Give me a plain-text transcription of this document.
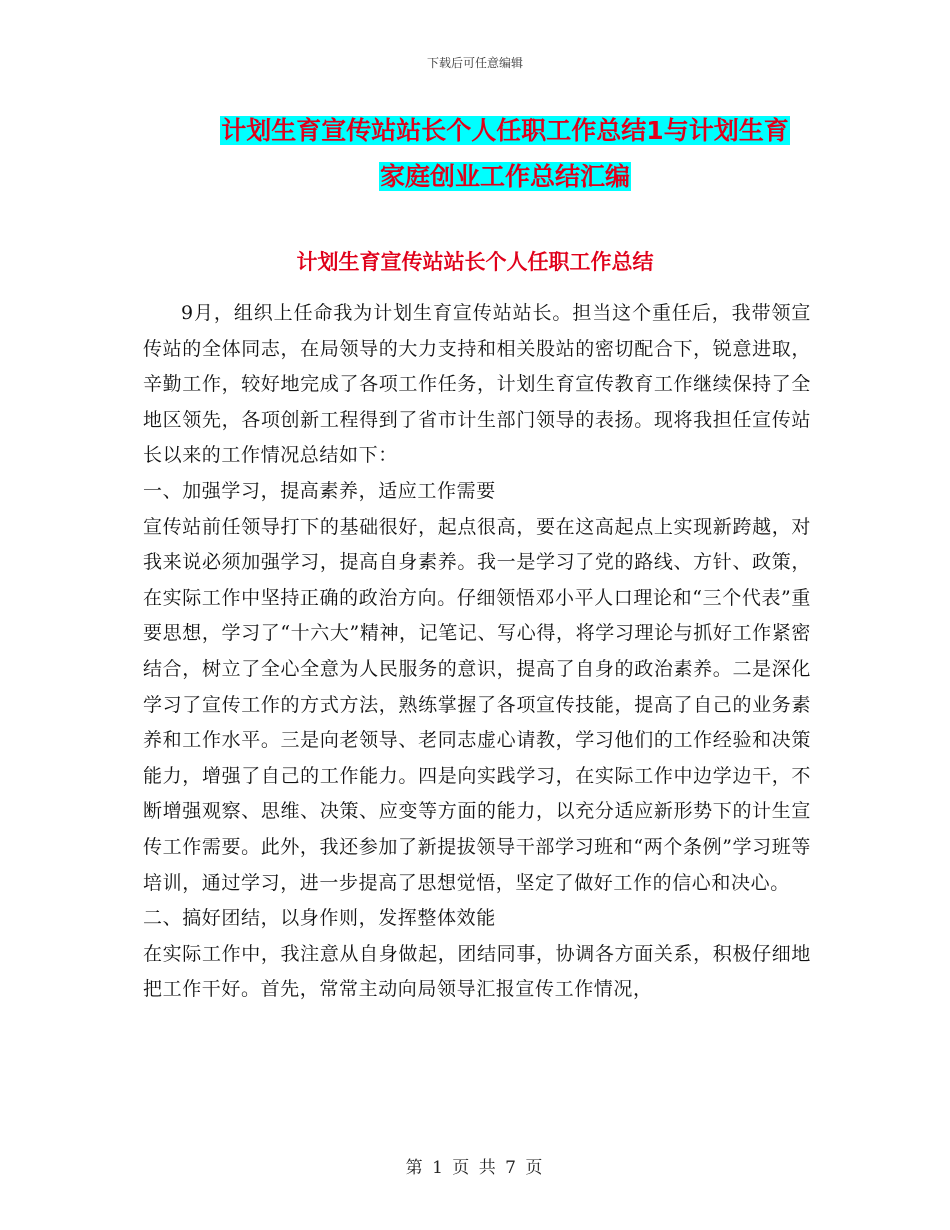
下载后可任意编辑
计划生育宣传站站长个人任职工作总结1与计划生育
家庭创业工作总结汇编
计划生育宣传站站长个人任职工作总结

9月，组织上任命我为计划生育宣传站站长。担当这个重任后，我带领宣传站的全体同志，在局领导的大力支持和相关股站的密切配合下，锐意进取，辛勤工作，较好地完成了各项工作任务，计划生育宣传教育工作继续保持了全地区领先，各项创新工程得到了省市计生部门领导的表扬。现将我担任宣传站长以来的工作情况总结如下：

一、加强学习，提高素养，适应工作需要

宣传站前任领导打下的基础很好，起点很高，要在这高起点上实现新跨越，对我来说必须加强学习，提高自身素养。我一是学习了党的路线、方针、政策，在实际工作中坚持正确的政治方向。仔细领悟邓小平人口理论和“三个代表”重要思想，学习了“十六大”精神，记笔记、写心得，将学习理论与抓好工作紧密结合，树立了全心全意为人民服务的意识，提高了自身的政治素养。二是深化学习了宣传工作的方式方法，熟练掌握了各项宣传技能，提高了自己的业务素养和工作水平。三是向老领导、老同志虚心请教，学习他们的工作经验和决策能力，增强了自己的工作能力。四是向实践学习，在实际工作中边学边干，不断增强观察、思维、决策、应变等方面的能力，以充分适应新形势下的计生宣传工作需要。此外，我还参加了新提拔领导干部学习班和“两个条例”学习班等培训，通过学习，进一步提高了思想觉悟，坚定了做好工作的信心和决心。

二、搞好团结，以身作则，发挥整体效能

在实际工作中，我注意从自身做起，团结同事，协调各方面关系，积极仔细地把工作干好。首先，常常主动向局领导汇报宣传工作情况，

第 1 页 共 7 页
